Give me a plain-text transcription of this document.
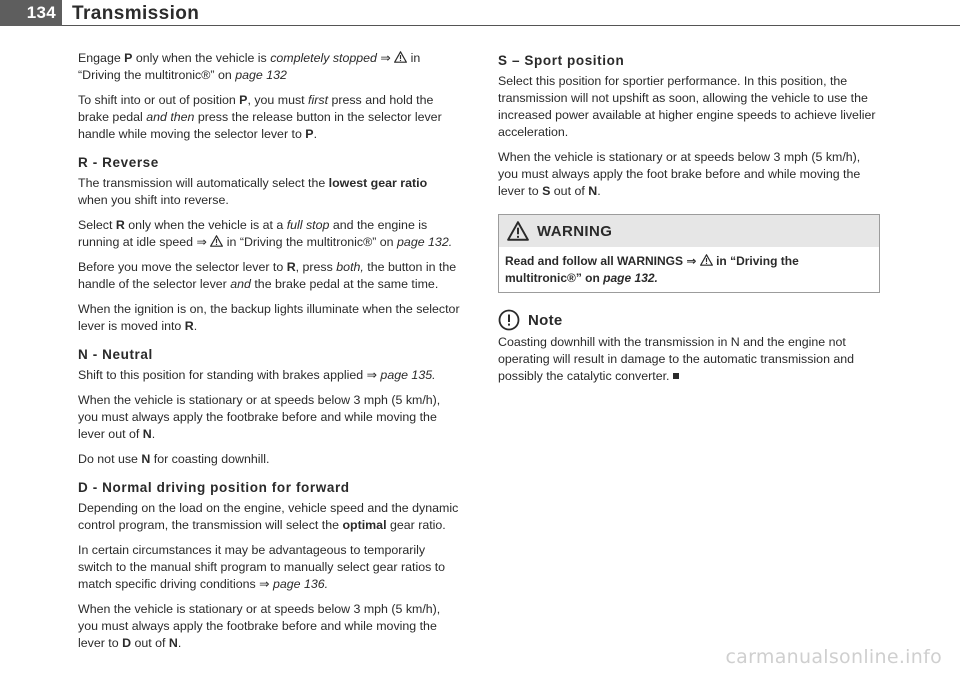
134 Transmission

Engage P only when the vehicle is completely stopped ⇒  in “Driving the multitronic®” on page 132

To shift into or out of position P, you must first press and hold the brake pedal and then press the release button in the selector lever handle while moving the selector lever to P.

R - Reverse

The transmission will automatically select the lowest gear ratio when you shift into reverse.

Select R only when the vehicle is at a full stop and the engine is running at idle speed ⇒  in “Driving the multitronic®” on page 132.

Before you move the selector lever to R, press both, the button in the handle of the selector lever and the brake pedal at the same time.

When the ignition is on, the backup lights illuminate when the selector lever is moved into R.

N - Neutral

Shift to this position for standing with brakes applied ⇒ page 135.

When the vehicle is stationary or at speeds below 3 mph (5 km/h), you must always apply the footbrake before and while moving the lever out of N.

Do not use N for coasting downhill.

D - Normal driving position for forward

Depending on the load on the engine, vehicle speed and the dynamic control program, the transmission will select the optimal gear ratio.

In certain circumstances it may be advantageous to temporarily switch to the manual shift program to manually select gear ratios to match specific driving conditions ⇒ page 136.

When the vehicle is stationary or at speeds below 3 mph (5 km/h), you must always apply the footbrake before and while moving the lever to D out of N.

S – Sport position

Select this position for sportier performance. In this position, the transmission will not upshift as soon, allowing the vehicle to use the increased power available at higher engine speeds to achieve livelier acceleration.

When the vehicle is stationary or at speeds below 3 mph (5 km/h), you must always apply the foot brake before and while moving the lever to S out of N.

WARNING
Read and follow all WARNINGS ⇒  in “Driving the multitronic®” on page 132.
Note

Coasting downhill with the transmission in N and the engine not operating will result in damage to the automatic transmission and possibly the catalytic converter.

carmanualsonline.info
